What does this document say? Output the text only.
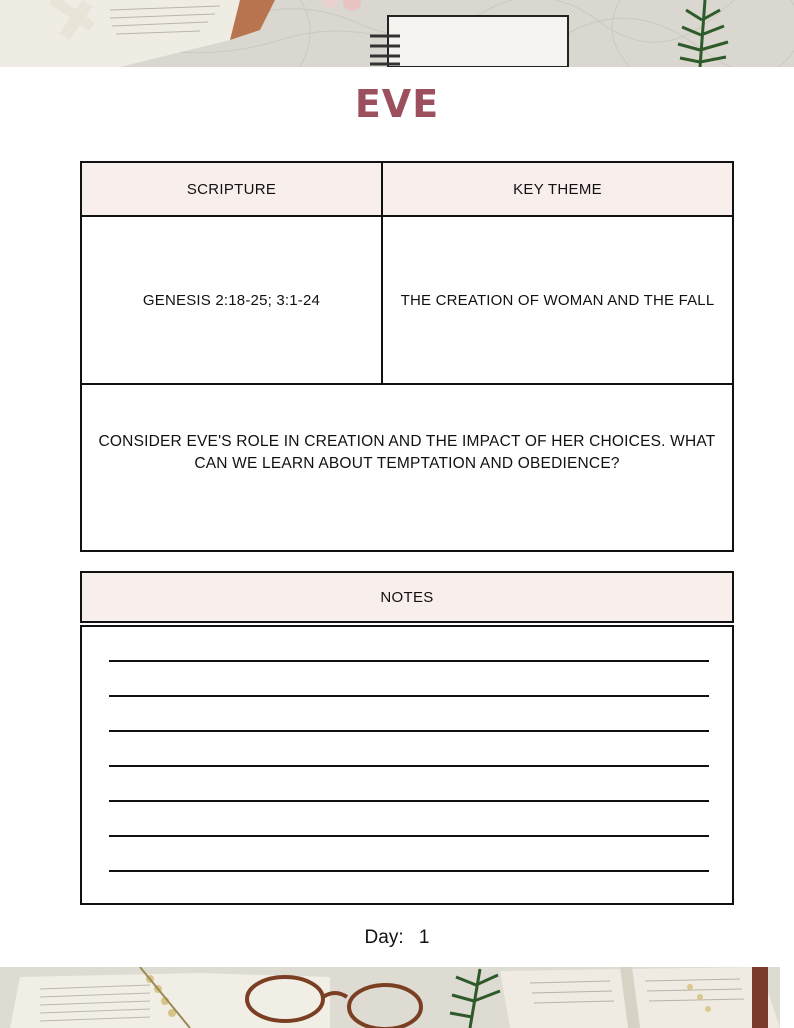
EVE
SCRIPTURE	KEY THEME
GENESIS 2:18-25; 3:1-24	THE CREATION OF WOMAN AND THE FALL
CONSIDER EVE'S ROLE IN CREATION AND THE IMPACT OF HER CHOICES. WHAT CAN WE LEARN ABOUT TEMPTATION AND OBEDIENCE?
NOTES
Day: 1
